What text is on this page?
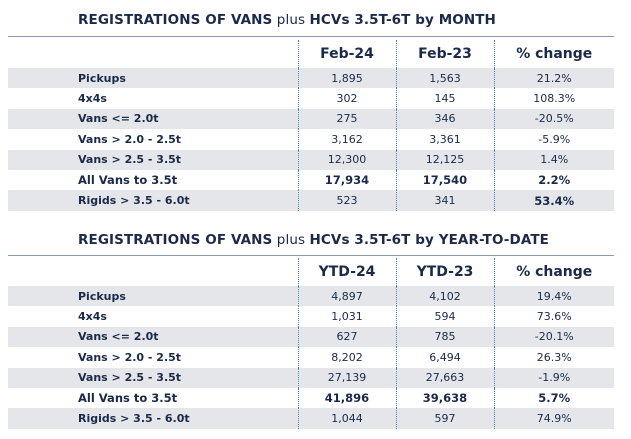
REGISTRATIONS OF VANS plus HCVs 3.5T-6T by MONTH
	Feb-24	Feb-23	% change
Pickups	1,895	1,563	21.2%
4x4s	302	145	108.3%
Vans <= 2.0t	275	346	-20.5%
Vans > 2.0 - 2.5t	3,162	3,361	-5.9%
Vans > 2.5 - 3.5t	12,300	12,125	1.4%
All Vans to 3.5t	17,934	17,540	2.2%
Rigids > 3.5 - 6.0t	523	341	53.4%
REGISTRATIONS OF VANS plus HCVs 3.5T-6T by YEAR-TO-DATE
	YTD-24	YTD-23	% change
Pickups	4,897	4,102	19.4%
4x4s	1,031	594	73.6%
Vans <= 2.0t	627	785	-20.1%
Vans > 2.0 - 2.5t	8,202	6,494	26.3%
Vans > 2.5 - 3.5t	27,139	27,663	-1.9%
All Vans to 3.5t	41,896	39,638	5.7%
Rigids > 3.5 - 6.0t	1,044	597	74.9%
